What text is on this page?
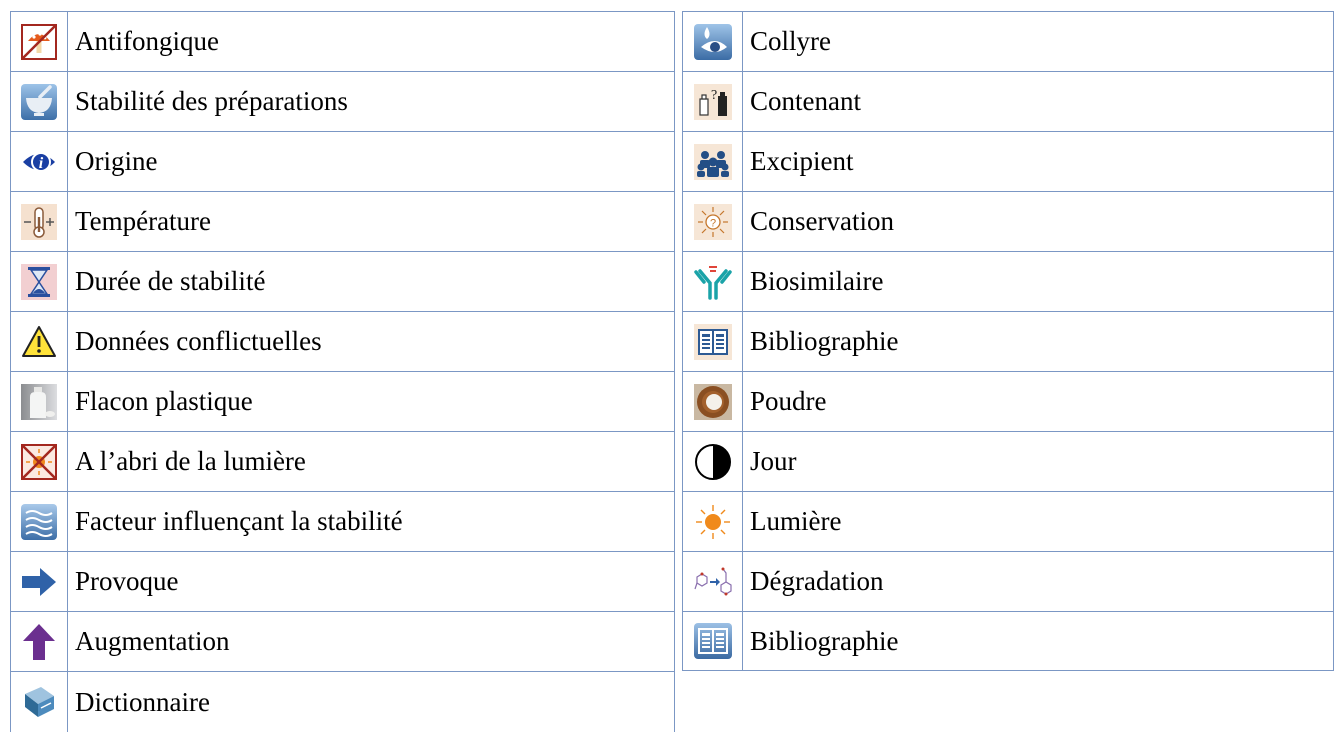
Antifongique
Stabilité des préparations
i Origine
Température
Durée de stabilité
Données conflictuelles
Flacon plastique
A l’abri de la lumière
Facteur influençant la stabilité
Provoque
Augmentation
Dictionnaire
Collyre
? Contenant
Excipient
? Conservation
Biosimilaire
Bibliographie
Poudre
Jour
Lumière
Dégradation
Bibliographie
